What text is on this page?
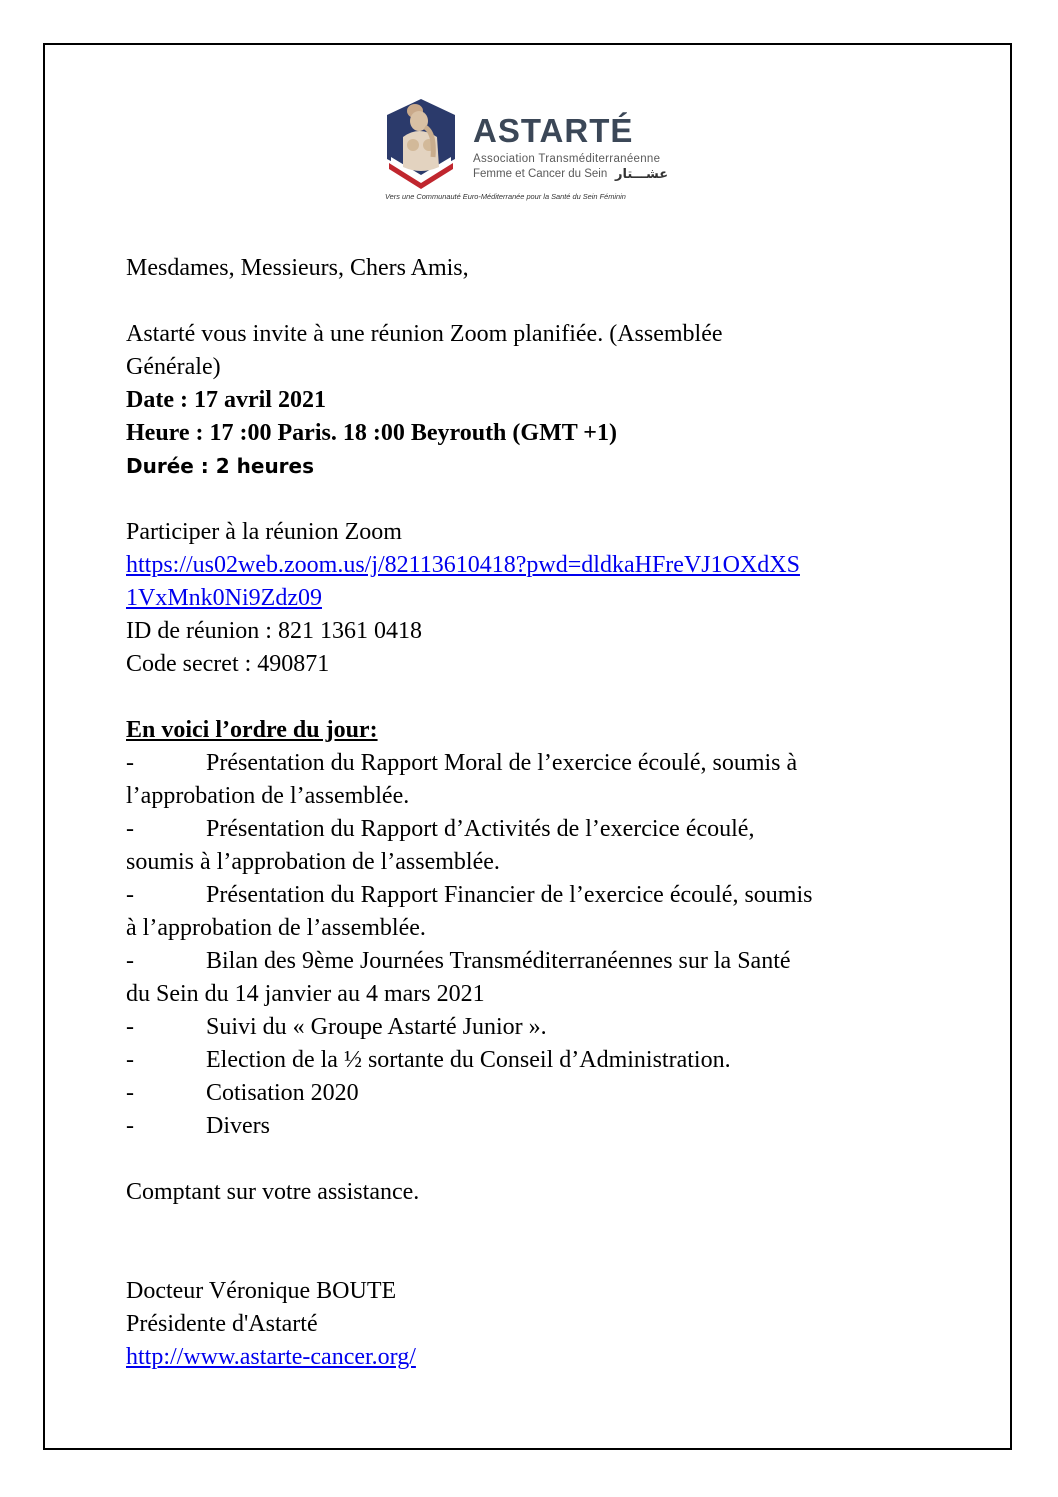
ASTARTÉ
Association Transméditerranéenne
Femme et Cancer du Sein عشـــتار
Vers une Communauté Euro-Méditerranée pour la Santé du Sein Féminin

Mesdames, Messieurs, Chers Amis,

Astarté vous invite à une réunion Zoom planifiée. (Assemblée

Générale)

Date : 17 avril 2021

Heure : 17 :00 Paris. 18 :00 Beyrouth (GMT +1)

Durée : 2 heures

Participer à la réunion Zoom

https://us02web.zoom.us/j/82113610418?pwd=dldkaHFreVJ1OXdXS
1VxMnk0Ni9Zdz09

ID de réunion : 821 1361 0418

Code secret : 490871

En voici l’ordre du jour:

-	Présentation du Rapport Moral de l’exercice écoulé, soumis à
l’approbation de l’assemblée.
-	Présentation du Rapport d’Activités de l’exercice écoulé,
soumis à l’approbation de l’assemblée.
-	Présentation du Rapport Financier de l’exercice écoulé, soumis
à l’approbation de l’assemblée.
-	Bilan des 9ème Journées Transméditerranéennes sur la Santé
du Sein du 14 janvier au 4 mars 2021
-	Suivi du « Groupe Astarté Junior ».
-	Election de la ½ sortante du Conseil d’Administration.
-	Cotisation 2020
-	Divers

Comptant sur votre assistance.

Docteur Véronique BOUTE

Présidente d'Astarté

http://www.astarte-cancer.org/
